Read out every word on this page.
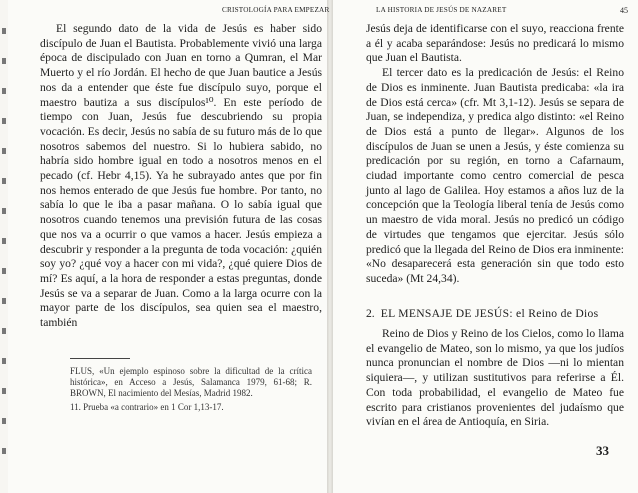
CRISTOLOGÍA PARA EMPEZAR	LA HISTORIA DE JESÚS DE NAZARET	45

El segundo dato de la vida de Jesús es haber sido discípulo de Juan el Bautista. Probablemente vivió una larga época de discipulado con Juan en torno a Qumran, el Mar Muerto y el río Jordán. El hecho de que Juan bautice a Jesús nos da a entender que éste fue discípulo suyo, porque el maestro bautiza a sus discípulos¹⁰. En este período de tiempo con Juan, Jesús fue descubriendo su propia vocación. Es decir, Jesús no sabía de su futuro más de lo que nosotros sabemos del nuestro. Si lo hubiera sabido, no habría sido hombre igual en todo a nosotros menos en el pecado (cf. Hebr 4,15). Ya he subrayado antes que por fin nos hemos enterado de que Jesús fue hombre. Por tanto, no sabía lo que le iba a pasar mañana. O lo sabía igual que nosotros cuando tenemos una previsión futura de las cosas que nos va a ocurrir o que vamos a hacer. Jesús empieza a descubrir y responder a la pregunta de toda vocación: ¿quién soy yo? ¿qué voy a hacer con mi vida?, ¿qué quiere Dios de mí? Es aquí, a la hora de responder a estas preguntas, donde Jesús se va a separar de Juan. Como a la larga ocurre con la mayor parte de los discípulos, sea quien sea el maestro, también

FLUS, «Un ejemplo espinoso sobre la dificultad de la crítica histórica», en Acceso a Jesús, Salamanca 1979, 61-68; R. BROWN, El nacimiento del Mesías, Madrid 1982.

11. Prueba «a contrario» en 1 Cor 1,13-17.

Jesús deja de identificarse con el suyo, reacciona frente a él y acaba separándose: Jesús no predicará lo mismo que Juan el Bautista.

El tercer dato es la predicación de Jesús: el Reino de Dios es inminente. Juan Bautista predicaba: «la ira de Dios está cerca» (cfr. Mt 3,1-12). Jesús se separa de Juan, se independiza, y predica algo distinto: «el Reino de Dios está a punto de llegar». Algunos de los discípulos de Juan se unen a Jesús, y éste comienza su predicación por su región, en torno a Cafarnaum, ciudad importante como centro comercial de pesca junto al lago de Galilea. Hoy estamos a años luz de la concepción que la Teología liberal tenía de Jesús como un maestro de vida moral. Jesús no predicó un código de virtudes que tengamos que ejercitar. Jesús sólo predicó que la llegada del Reino de Dios era inminente: «No desaparecerá esta generación sin que todo esto suceda» (Mt 24,34).

2. EL MENSAJE DE JESÚS: el Reino de Dios

Reino de Dios y Reino de los Cielos, como lo llama el evangelio de Mateo, son lo mismo, ya que los judíos nunca pronuncian el nombre de Dios —ni lo mientan siquiera—, y utilizan sustitutivos para referirse a Él. Con toda probabilidad, el evangelio de Mateo fue escrito para cristianos provenientes del judaísmo que vivían en el área de Antioquía, en Siria.

33
